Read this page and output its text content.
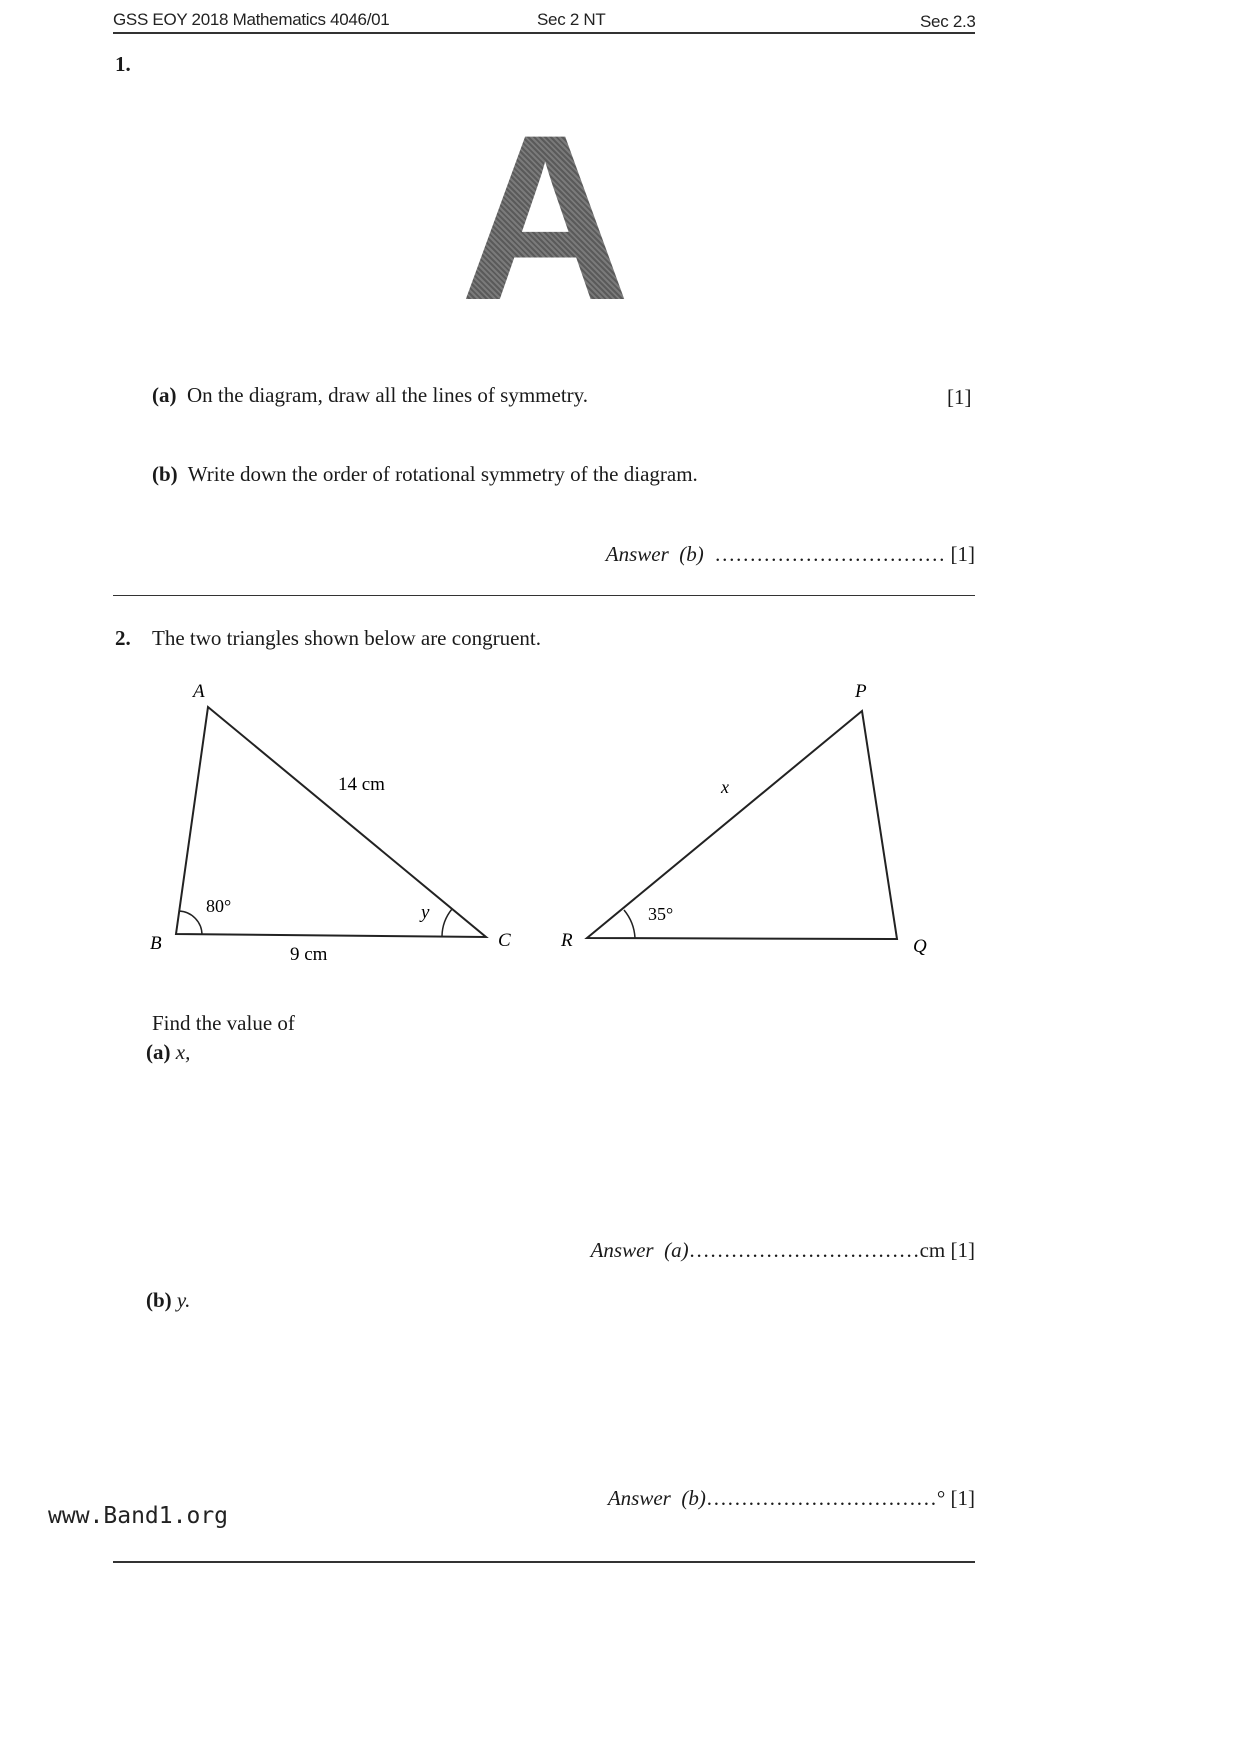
GSS EOY 2018 Mathematics 4046/01	Sec 2 NT	Sec 2.3
1.
A
(a) On the diagram, draw all the lines of symmetry.	[1]
(b) Write down the order of rotational symmetry of the diagram.
Answer (b) …………………………… [1]
2. The two triangles shown below are congruent.
A
B	C
14 cm
9 cm
80°	y
P
Q
R
x
35°
Find the value of
(a) x,
Answer (a)……………………………cm [1]
(b) y.
Answer (b)……………………………° [1]
www.Band1.org
